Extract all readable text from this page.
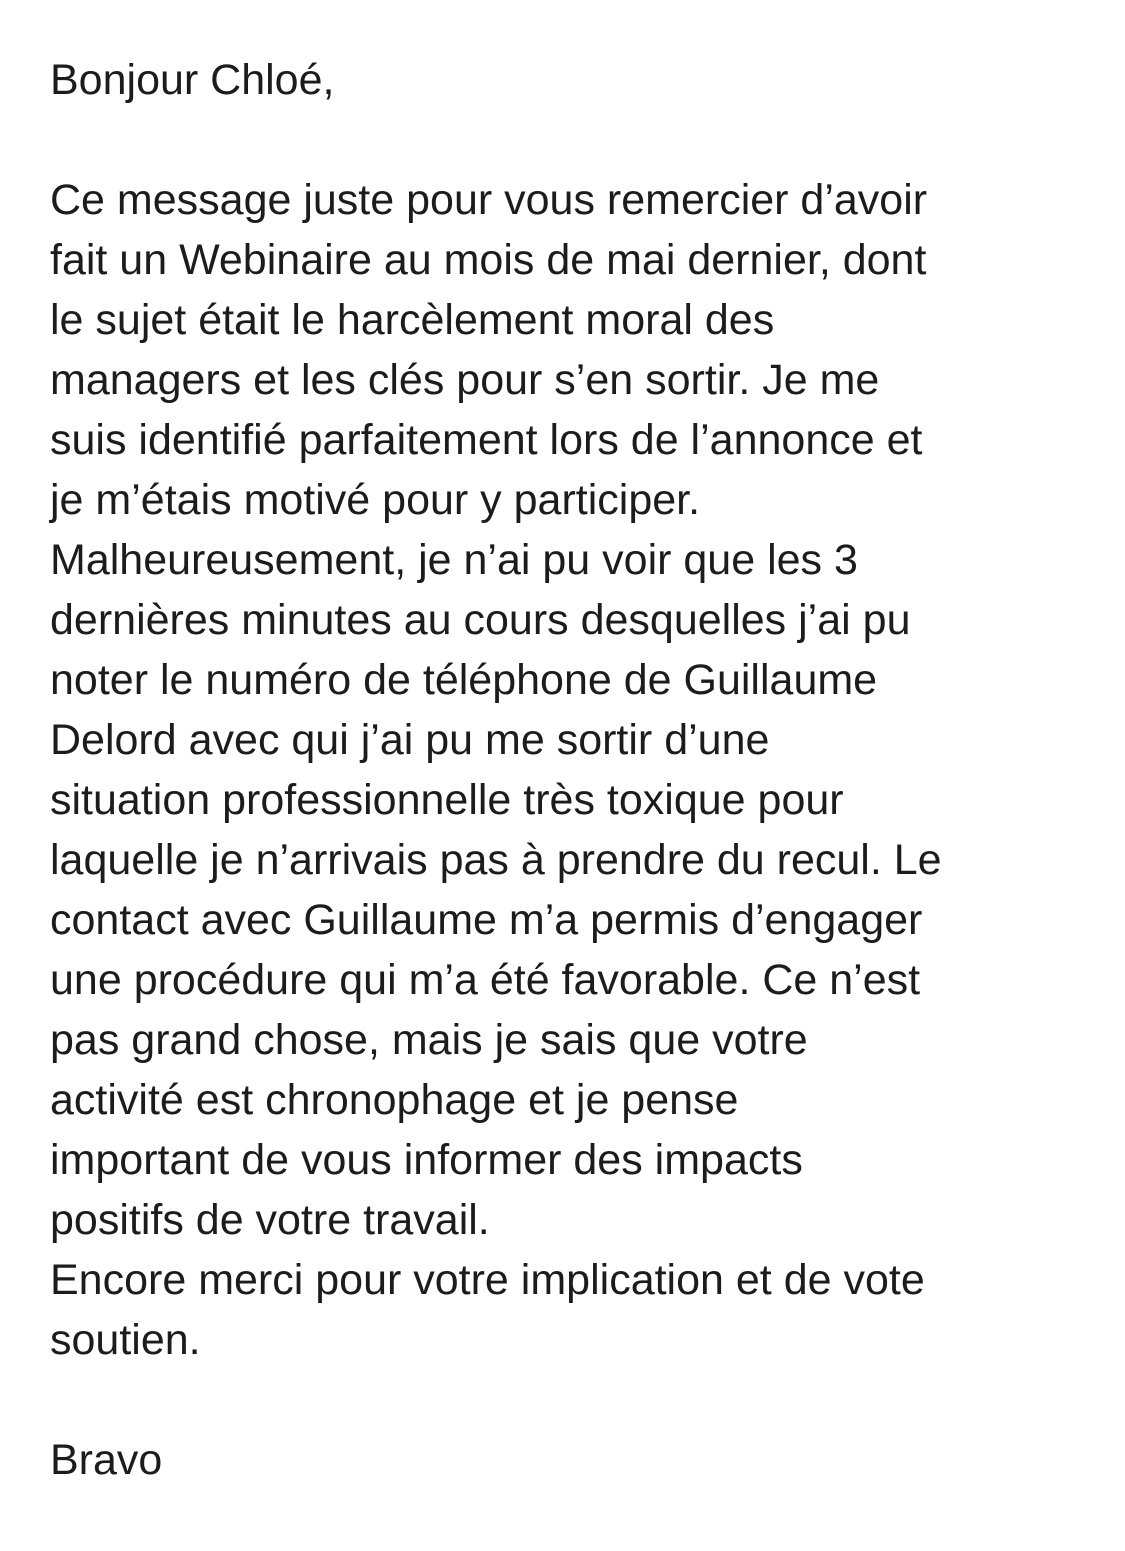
Bonjour Chloé,
Ce message juste pour vous remercier d’avoir
fait un Webinaire au mois de mai dernier, dont
le sujet était le harcèlement moral des
managers et les clés pour s’en sortir. Je me
suis identifié parfaitement lors de l’annonce et
je m’étais motivé pour y participer.
Malheureusement, je n’ai pu voir que les 3
dernières minutes au cours desquelles j’ai pu
noter le numéro de téléphone de Guillaume
Delord avec qui j’ai pu me sortir d’une
situation professionnelle très toxique pour
laquelle je n’arrivais pas à prendre du recul. Le
contact avec Guillaume m’a permis d’engager
une procédure qui m’a été favorable. Ce n’est
pas grand chose, mais je sais que votre
activité est chronophage et je pense
important de vous informer des impacts
positifs de votre travail.
Encore merci pour votre implication et de vote
soutien.
Bravo
